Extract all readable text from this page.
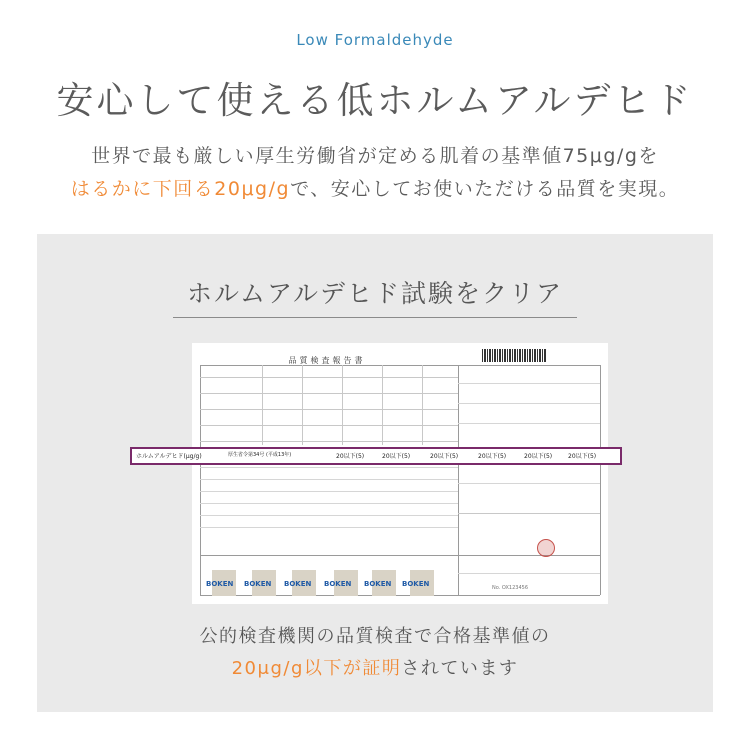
Low Formaldehyde
安心して使える低ホルムアルデヒド
世界で最も厳しい厚生労働省が定める肌着の基準値75μg/gを
はるかに下回る20μg/gで、安心してお使いただける品質を実現。
ホルムアルデヒド試験をクリア
品質検査報告書
BOKEN BOKEN BOKEN BOKEN BOKEN BOKEN	No. OX123456
ホルムアルデヒド(μg/g)	厚生省令第34号 (平成13年)	20以下(5)	20以下(5)	20以下(5)	20以下(5)	20以下(5)	20以下(5)
公的検査機関の品質検査で合格基準値の
20μg/g以下が証明されています
